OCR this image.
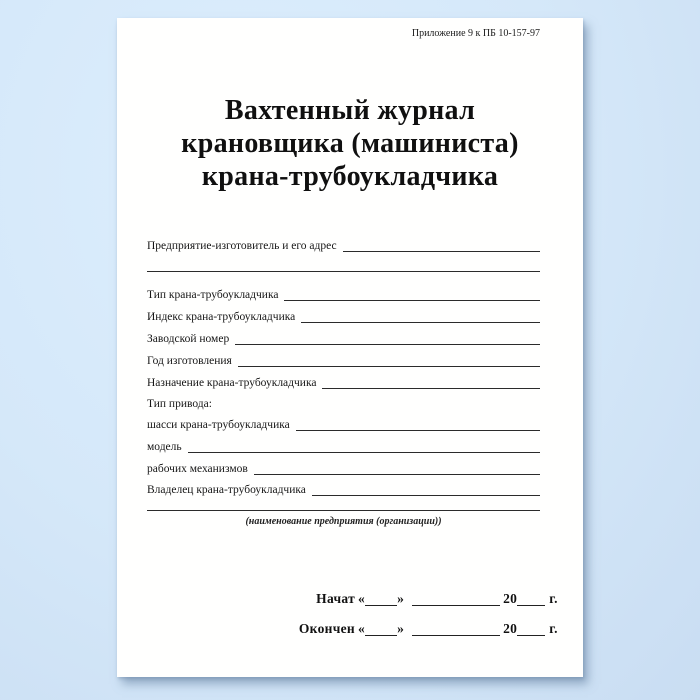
Приложение 9 к ПБ 10-157-97
Вахтенный журнал
крановщика (машиниста)
крана-трубоукладчика
Предприятие-изготовитель и его адрес
Тип крана-трубоукладчика
Индекс крана-трубоукладчика
Заводской номер
Год изготовления
Назначение крана-трубоукладчика
Тип привода:
шасси крана-трубоукладчика
модель
рабочих механизмов
Владелец крана-трубоукладчика
(наименование предприятия (организации))
Начат « »	20 г.
Окончен « »	20 г.
